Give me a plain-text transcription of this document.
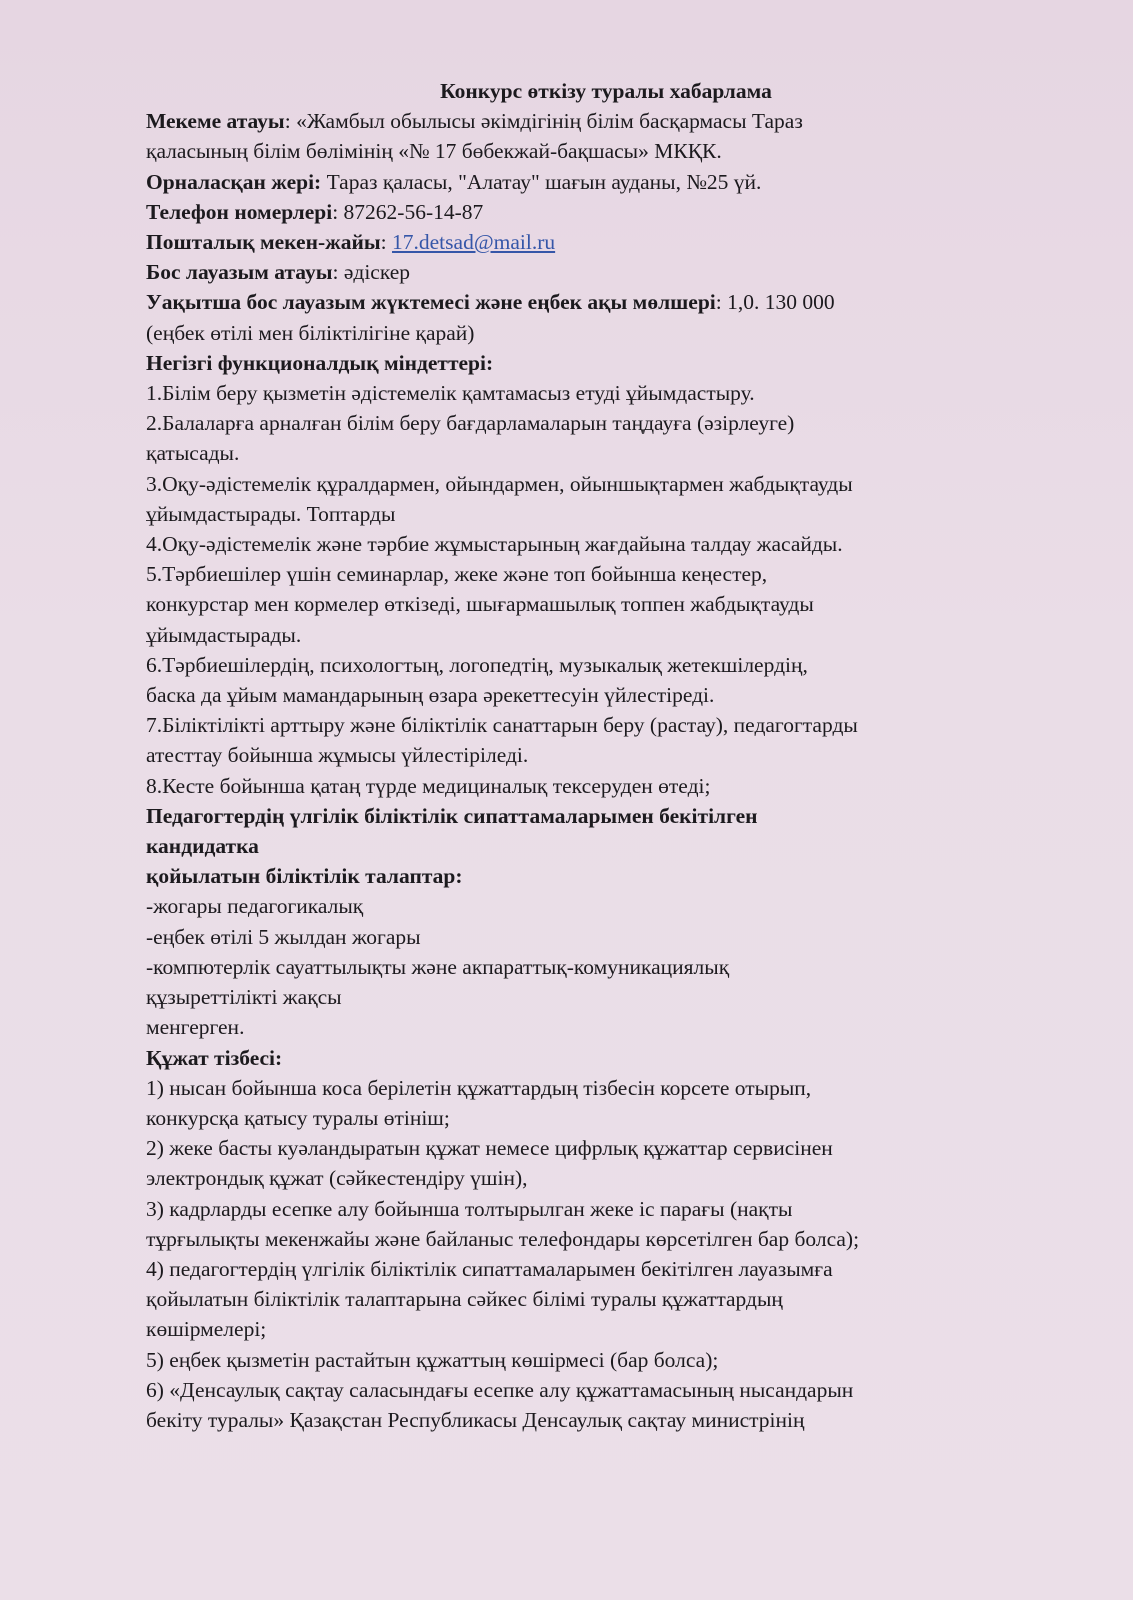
Конкурс өткізу туралы хабарлама

Мекеме атауы: «Жамбыл обылысы әкімдігінің білім басқармасы Тараз

қаласының білім бөлімінің «№ 17 бөбекжай-бақшасы» МКҚК.

Орналасқан жері: Тараз қаласы, "Алатау" шағын ауданы, №25 үй.

Телефон номерлері: 87262-56-14-87

Пошталық мекен-жайы: 17.detsad@mail.ru

Бос лауазым атауы: әдіскер

Уақытша бос лауазым жүктемесі және еңбек ақы мөлшері: 1,0. 130 000

(еңбек өтілі мен біліктілігіне қарай)

Негізгі функционалдық міндеттері:

1.Білім беру қызметін әдістемелік қамтамасыз етуді ұйымдастыру.

2.Балаларға арналған білім беру бағдарламаларын таңдауға (әзірлеуге)

қатысады.

3.Оқу-әдістемелік құралдармен, ойындармен, ойыншықтармен жабдықтауды

ұйымдастырады. Топтарды

4.Оқу-әдістемелік және тәрбие жұмыстарының жағдайына талдау жасайды.

5.Тәрбиешілер үшін семинарлар, жеке және топ бойынша кеңестер,

конкурстар мен кормелер өткізеді, шығармашылық топпен жабдықтауды

ұйымдастырады.

6.Тәрбиешілердің, психологтың, логопедтің, музыкалық жетекшілердің,

баска да ұйым мамандарының өзара әрекеттесуін үйлестіреді.

7.Біліктілікті арттыру және біліктілік санаттарын беру (растау), педагогтарды

атесттау бойынша жұмысы үйлестіріледі.

8.Кесте бойынша қатаң түрде медициналық тексеруден өтеді;

Педагогтердің үлгілік біліктілік сипаттамаларымен бекітілген

кандидатка

қойылатын біліктілік талаптар:

-жогары педагогикалық

-еңбек өтілі 5 жылдан жогары

-компютерлік сауаттылықты және акпараттық-комуникациялық

құзыреттілікті жақсы

менгерген.

Құжат тізбесі:

1) нысан бойынша коса берілетін құжаттардың тізбесін корсете отырып,

конкурсқа қатысу туралы өтініш;

2) жеке басты куәландыратын құжат немесе цифрлық құжаттар сервисінен

электрондық құжат (сәйкестендіру үшін),

3) кадрларды есепке алу бойынша толтырылган жеке іс парағы (нақты

тұрғылықты мекенжайы және байланыс телефондары көрсетілген бар болса);

4) педагогтердің үлгілік біліктілік сипаттамаларымен бекітілген лауазымға

қойылатын біліктілік талаптарына сәйкес білімі туралы құжаттардың

көшірмелері;

5) еңбек қызметін растайтын құжаттың көшірмесі (бар болса);

6) «Денсаулық сақтау саласындағы есепке алу құжаттамасының нысандарын

бекіту туралы» Қазақстан Республикасы Денсаулық сақтау министрінің
